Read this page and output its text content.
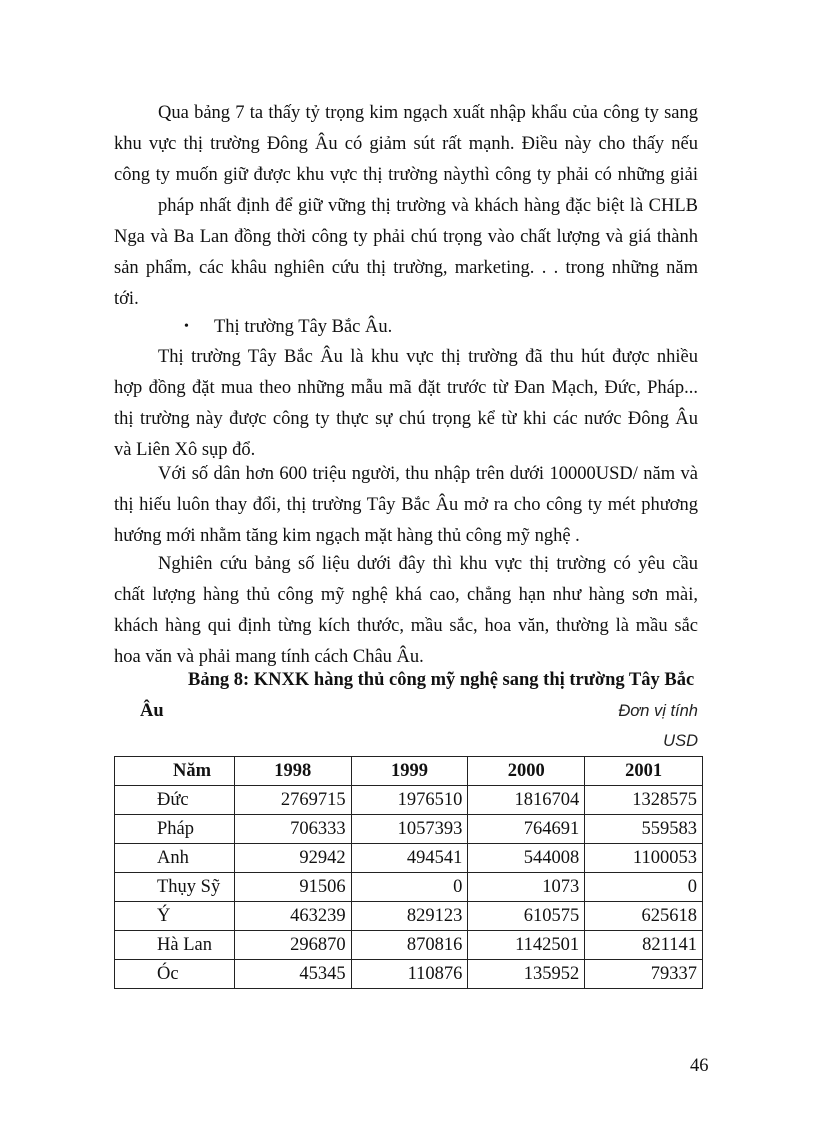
Qua bảng 7 ta thấy tỷ trọng kim ngạch xuất nhập khẩu của công ty sang
khu vực thị trường Đông Âu có giảm sút rất mạnh. Điều này cho thấy nếu
công ty muốn giữ được khu vực thị trường nàythì công ty phải có những giải
pháp nhất định để giữ vững thị trường và khách hàng đặc biệt là CHLB
Nga và Ba Lan đồng thời công ty phải chú trọng vào chất lượng và giá thành
sản phẩm, các khâu nghiên cứu thị trường, marketing. . . trong những năm
tới.
• Thị trường Tây Bắc Âu.
Thị trường Tây Bắc Âu là khu vực thị trường đã thu hút được nhiều
hợp đồng đặt mua theo những mẫu mã đặt trước từ Đan Mạch, Đức, Pháp...
thị trường này được công ty thực sự chú trọng kể từ khi các nước Đông Âu
và Liên Xô sụp đổ.
Với số dân hơn 600 triệu người, thu nhập trên dưới 10000USD/ năm và
thị hiếu luôn thay đổi, thị trường Tây Bắc Âu mở ra cho công ty mét phương
hướng mới nhằm tăng kim ngạch mặt hàng thủ công mỹ nghệ .
Nghiên cứu bảng số liệu dưới đây thì khu vực thị trường có yêu cầu
chất lượng hàng thủ công mỹ nghệ khá cao, chẳng hạn như hàng sơn mài,
khách hàng qui định từng kích thước, mầu sắc, hoa văn, thường là mầu sắc
hoa văn và phải mang tính cách Châu Âu.
Bảng 8: KNXK hàng thủ công mỹ nghệ sang thị trường Tây Bắc
Âu	Đơn vị tính
USD
Năm	1998	1999	2000	2001
Đức	2769715	1976510	1816704	1328575
Pháp	706333	1057393	764691	559583
Anh	92942	494541	544008	1100053
Thụy Sỹ	91506	0	1073	0
Ý	463239	829123	610575	625618
Hà Lan	296870	870816	1142501	821141
Óc	45345	110876	135952	79337
46
